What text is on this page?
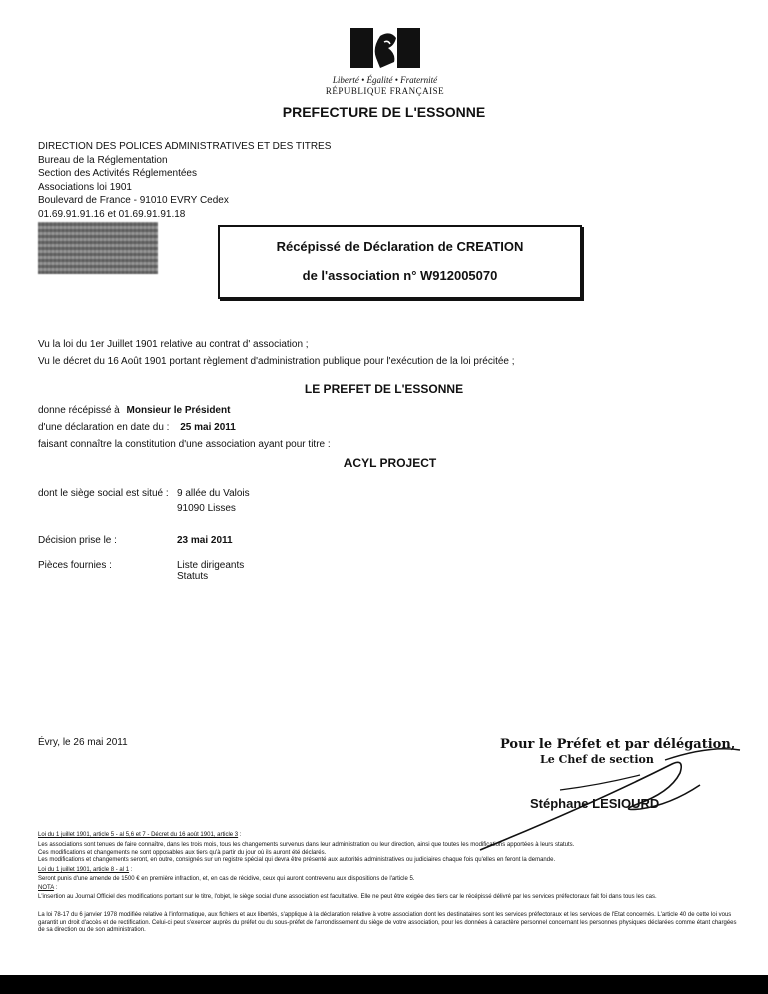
Liberté • Égalité • Fraternité
RÉPUBLIQUE FRANÇAISE
PREFECTURE DE L'ESSONNE
DIRECTION DES POLICES ADMINISTRATIVES ET DES TITRES
Bureau de la Réglementation
Section des Activités Réglementées
Associations loi 1901
Boulevard de France - 91010 EVRY Cedex
01.69.91.91.16 et 01.69.91.91.18
Récépissé de Déclaration de CREATION
de l'association n° W912005070
Vu la loi du 1er Juillet 1901 relative au contrat d' association ;
Vu le décret du 16 Août 1901 portant règlement d'administration publique pour l'exécution de la loi précitée ;
LE PREFET DE L'ESSONNE
donne récépissé à Monsieur le Président
d'une déclaration en date du : 25 mai 2011
faisant connaître la constitution d'une association ayant pour titre :
ACYL PROJECT
dont le siège social est situé : 9 allée du Valois
91090 Lisses
Décision prise le :	23 mai 2011
Pièces fournies :	Liste dirigeants
Statuts
Évry, le 26 mai 2011	Pour le Préfet et par délégation,
Le Chef de section
Stéphane LESIOURD
Loi du 1 juillet 1901, article 5 - al 5,6 et 7 - Décret du 16 août 1901, article 3 :
Les associations sont tenues de faire connaître, dans les trois mois, tous les changements survenus dans leur administration ou leur direction, ainsi que toutes les modifications apportées à leurs statuts.
Ces modifications et changements ne sont opposables aux tiers qu'à partir du jour où ils auront été déclarés.
Les modifications et changements seront, en outre, consignés sur un registre spécial qui devra être présenté aux autorités administratives ou judiciaires chaque fois qu'elles en feront la demande.
Loi du 1 juillet 1901, article 8 - al 1 :
Seront punis d'une amende de 1500 € en première infraction, et, en cas de récidive, ceux qui auront contrevenu aux dispositions de l'article 5.
NOTA :
L'insertion au Journal Officiel des modifications portant sur le titre, l'objet, le siège social d'une association est facultative. Elle ne peut être exigée des tiers car le récépissé délivré par les services préfectoraux fait foi dans tous les cas.
La loi 78-17 du 6 janvier 1978 modifiée relative à l'informatique, aux fichiers et aux libertés, s'applique à la déclaration relative à votre association dont les destinataires sont les services préfectoraux et les services de l'Etat concernés. L'article 40 de cette loi vous garantit un droit d'accès et de rectification. Celui-ci peut s'exercer auprès du préfet ou du sous-préfet de l'arrondissement du siège de votre association, pour les données à caractère personnel concernant les personnes physiques déclarées comme étant chargées de sa direction ou de son administration.
